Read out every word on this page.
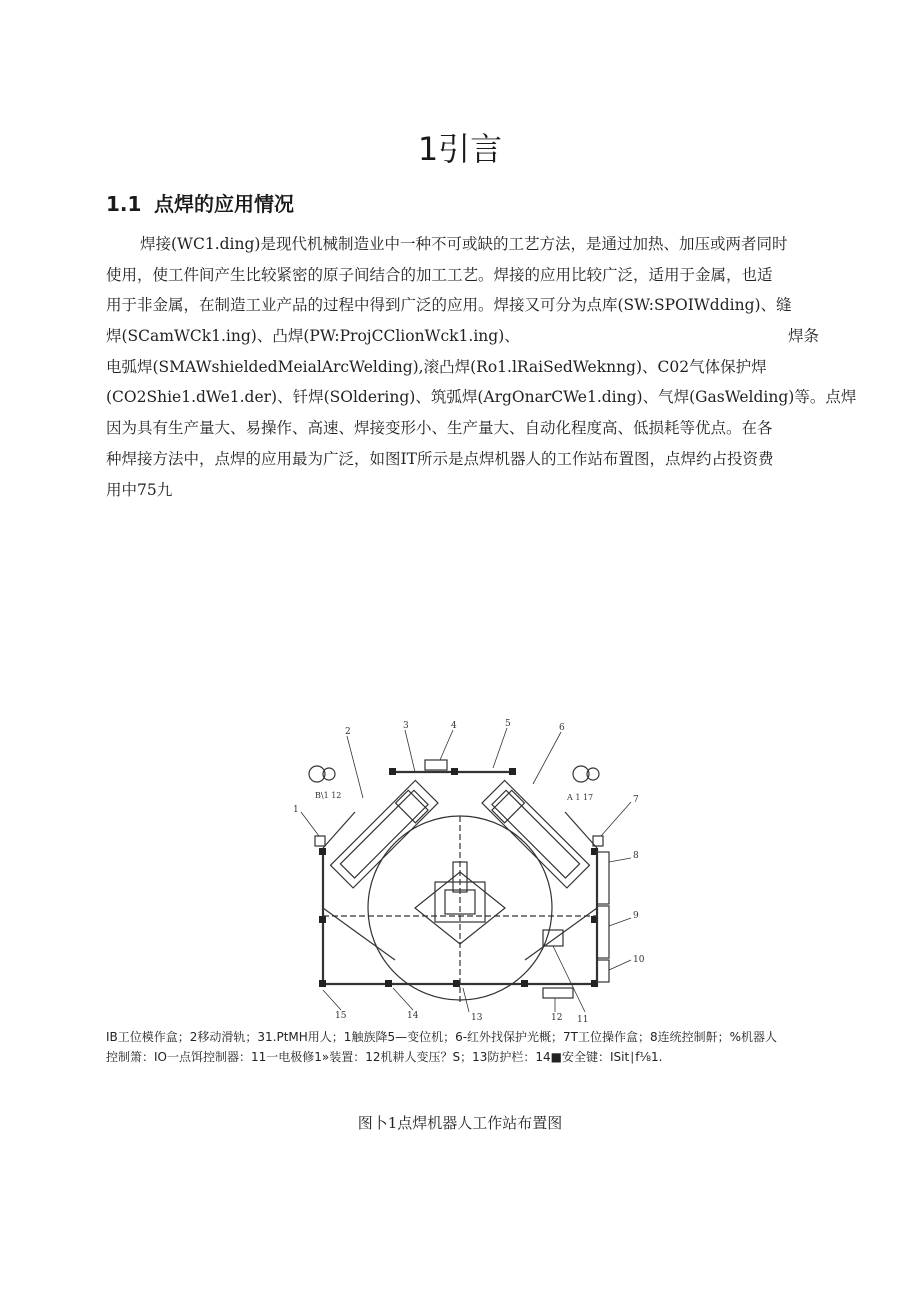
1引言
1.1 点焊的应用情况
焊接(WC1.ding)是现代机械制造业中一种不可或缺的工艺方法，是通过加热、加压或两者同时
使用，使工件间产生比较紧密的原子间结合的加工工艺。焊接的应用比较广泛，适用于金属，也适
用于非金属，在制造工业产品的过程中得到广泛的应用。焊接又可分为点库(SW:SPOIWdding)、缝
焊(SCamWCk1.ing)、凸焊(PW:ProjCClionWck1.ing)、	焊条
电弧焊(SMAWshieldedMeialArcWelding),滚凸焊(Ro1.lRaiSedWeknng)、C02气体保护焊
(CO2Shie1.dWe1.der)、钎焊(SOldering)、筑弧焊(ArgOnarCWe1.ding)、气焊(GasWelding)等。点焊
因为具有生产量大、易操作、高速、焊接变形小、生产量大、自动化程度高、低损耗等优点。在各
种焊接方法中，点焊的应用最为广泛，如图IT所示是点焊机器人的工作站布置图，点焊约占投资费
用中75九
2
3	4	5	6
1
7
8
9
10
11
12
13
14
15
B\1 12	A 1 17
IB工位模作盒；2移动滑轨；31.PtMH用人；1触族降5—变位机；6-红外找保护光概；7T工位操作盒；8连统控制鼾；%机器人
控制箫：IO一点饵控制器：11一电极修1»装置：12机耕人变压？S；13防护栏：14■安全键：ISit∣f⅛1.

图卜1点焊机器人工作站布置图
